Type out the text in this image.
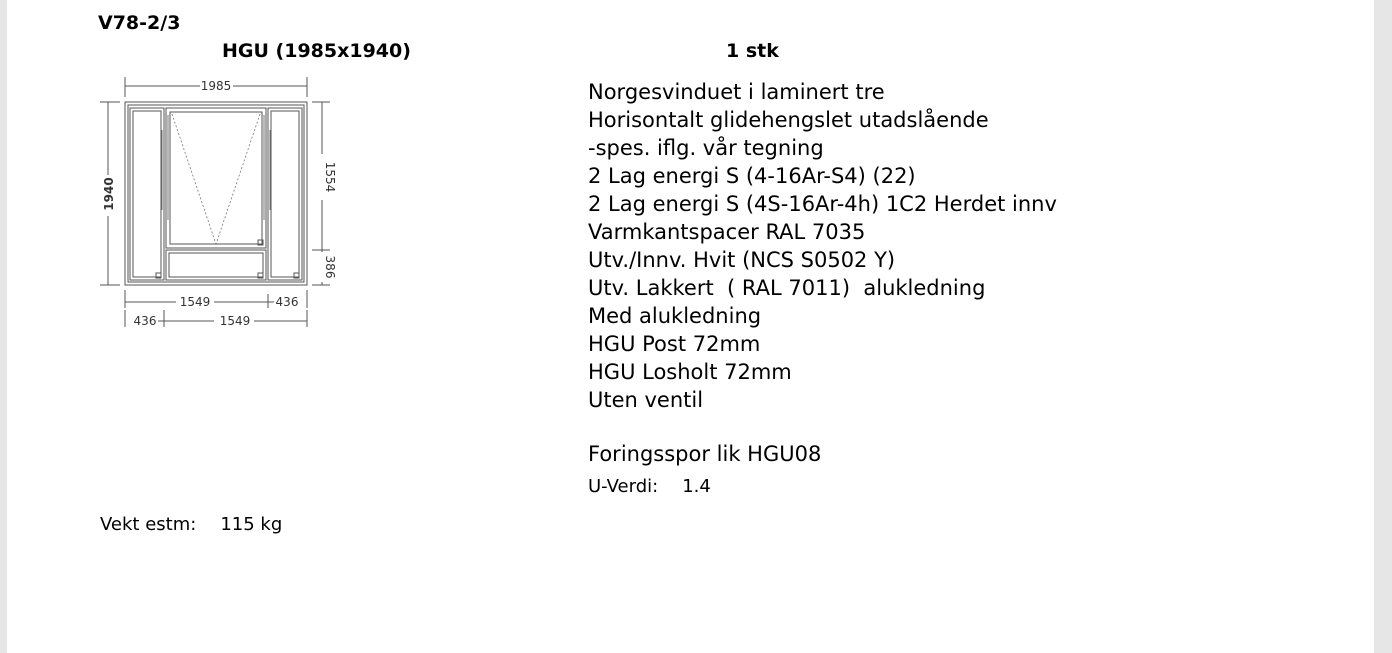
V78-2/3
HGU (1985x1940)	1 stk
1985
1940
1554
386
1549	436
436	1549
Norgesvinduet i laminert tre
Horisontalt glidehengslet utadslående
-spes. iflg. vår tegning
2 Lag energi S (4-16Ar-S4) (22)
2 Lag energi S (4S-16Ar-4h) 1C2 Herdet innv
Varmkantspacer RAL 7035
Utv./Innv. Hvit (NCS S0502 Y)
Utv. Lakkert  ( RAL 7011)  alukledning
Med alukledning
HGU Post 72mm
HGU Losholt 72mm
Uten ventil
Foringsspor lik HGU08
U-Verdi: 1.4
Vekt estm: 115 kg
